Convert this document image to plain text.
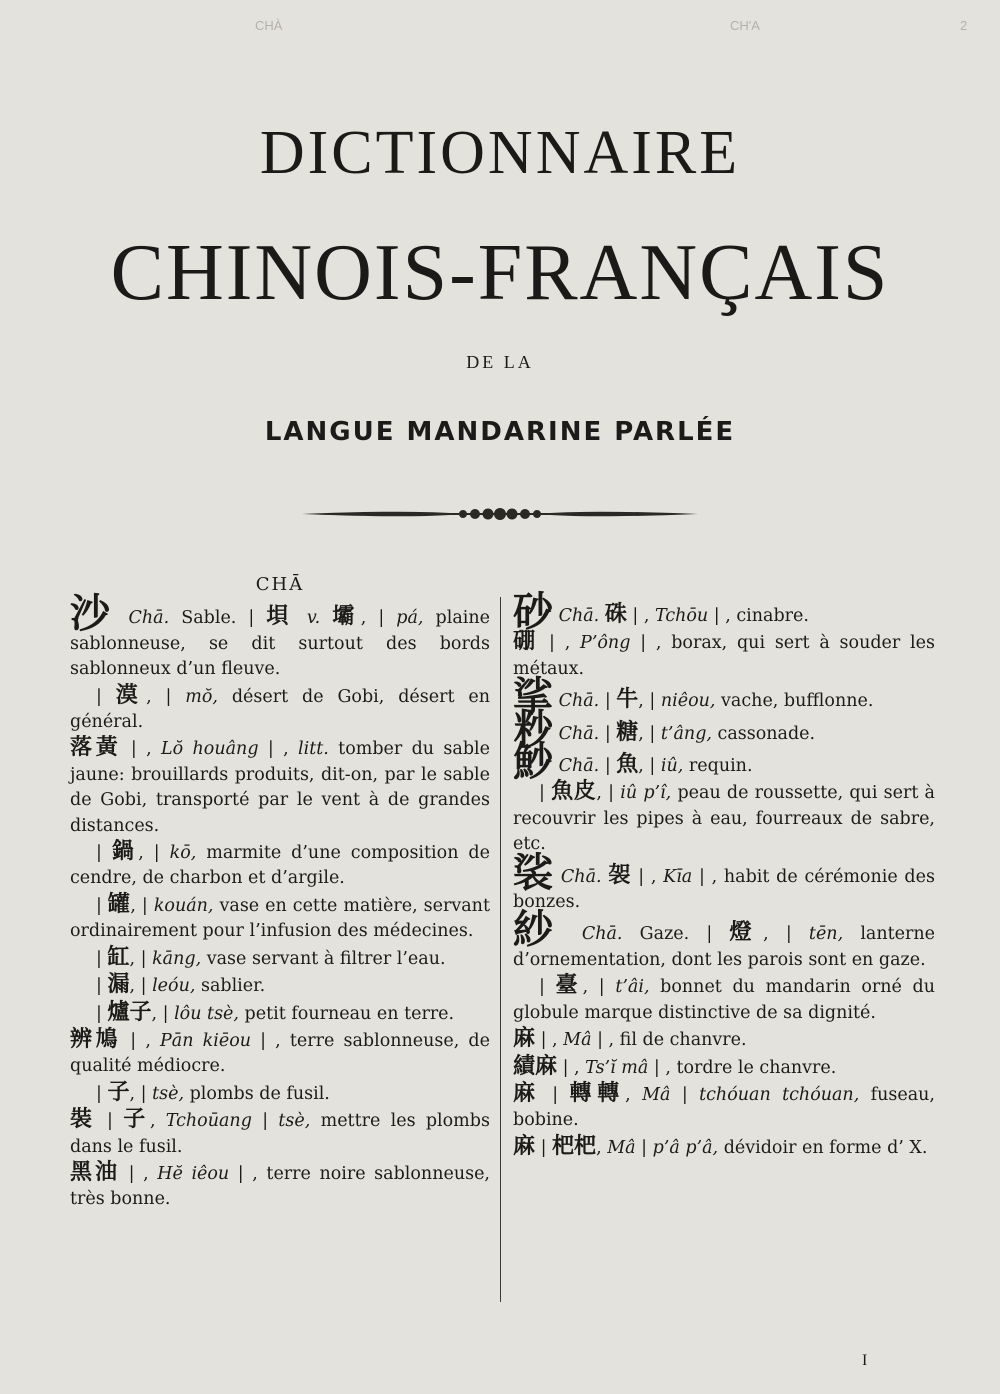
CHÀ	CH'A	2
DICTIONNAIRE
CHINOIS-FRANÇAIS
DE LA
LANGUE MANDARINE PARLÉE
CHĀ

沙 Chā. Sable. | 垻 v. 壩, | pá, plaine sablonneuse, se dit surtout des bords sablonneux d’un fleuve.

| 漠, | mŏ, désert de Gobi, désert en général.

落黃 | , Lŏ houâng | , litt. tomber du sable jaune: brouillards produits, dit-on, par le sable de Gobi, transporté par le vent à de grandes distances.

| 鍋, | kō, marmite d’une composition de cendre, de charbon et d’argile.

| 罐, | kouán, vase en cette matière, servant ordinairement pour l’infusion des médecines.

| 缸, | kāng, vase servant à filtrer l’eau.

| 漏, | leóu, sablier.

| 爐子, | lôu tsè, petit fourneau en terre.

辨鳩 | , Pān kiēou | , terre sablonneuse, de qualité médiocre.

| 子, | tsè, plombs de fusil.

裝 | 子, Tchoūang | tsè, mettre les plombs dans le fusil.

黑油 | , Hĕ iêou | , terre noire sablonneuse, très bonne.

砂 Chā. 硃 | , Tchōu | , cinabre.

硼 | , P’ông | , borax, qui sert à souder les métaux.

挲 Chā. | 牛, | niêou, vache, bufflonne.

粆 Chā. | 糖, | t’âng, cassonade.

魦 Chā. | 魚, | iû, requin.

| 魚皮, | iû p’î, peau de roussette, qui sert à recouvrir les pipes à eau, fourreaux de sabre, etc.

裟 Chā. 袈 | , Kīa | , habit de cérémonie des bonzes.

紗 Chā. Gaze. | 燈, | tēn, lanterne d’ornementation, dont les parois sont en gaze.

| 臺, | t’âi, bonnet du mandarin orné du globule marque distinctive de sa dignité.

麻 | , Mâ | , fil de chanvre.

績麻 | , Ts’ĭ mâ | , tordre le chanvre.

麻 | 轉轉, Mâ | tchóuan tchóuan, fuseau, bobine.

麻 | 杷杷, Mâ | p’â p’â, dévidoir en forme d’ X.

I
